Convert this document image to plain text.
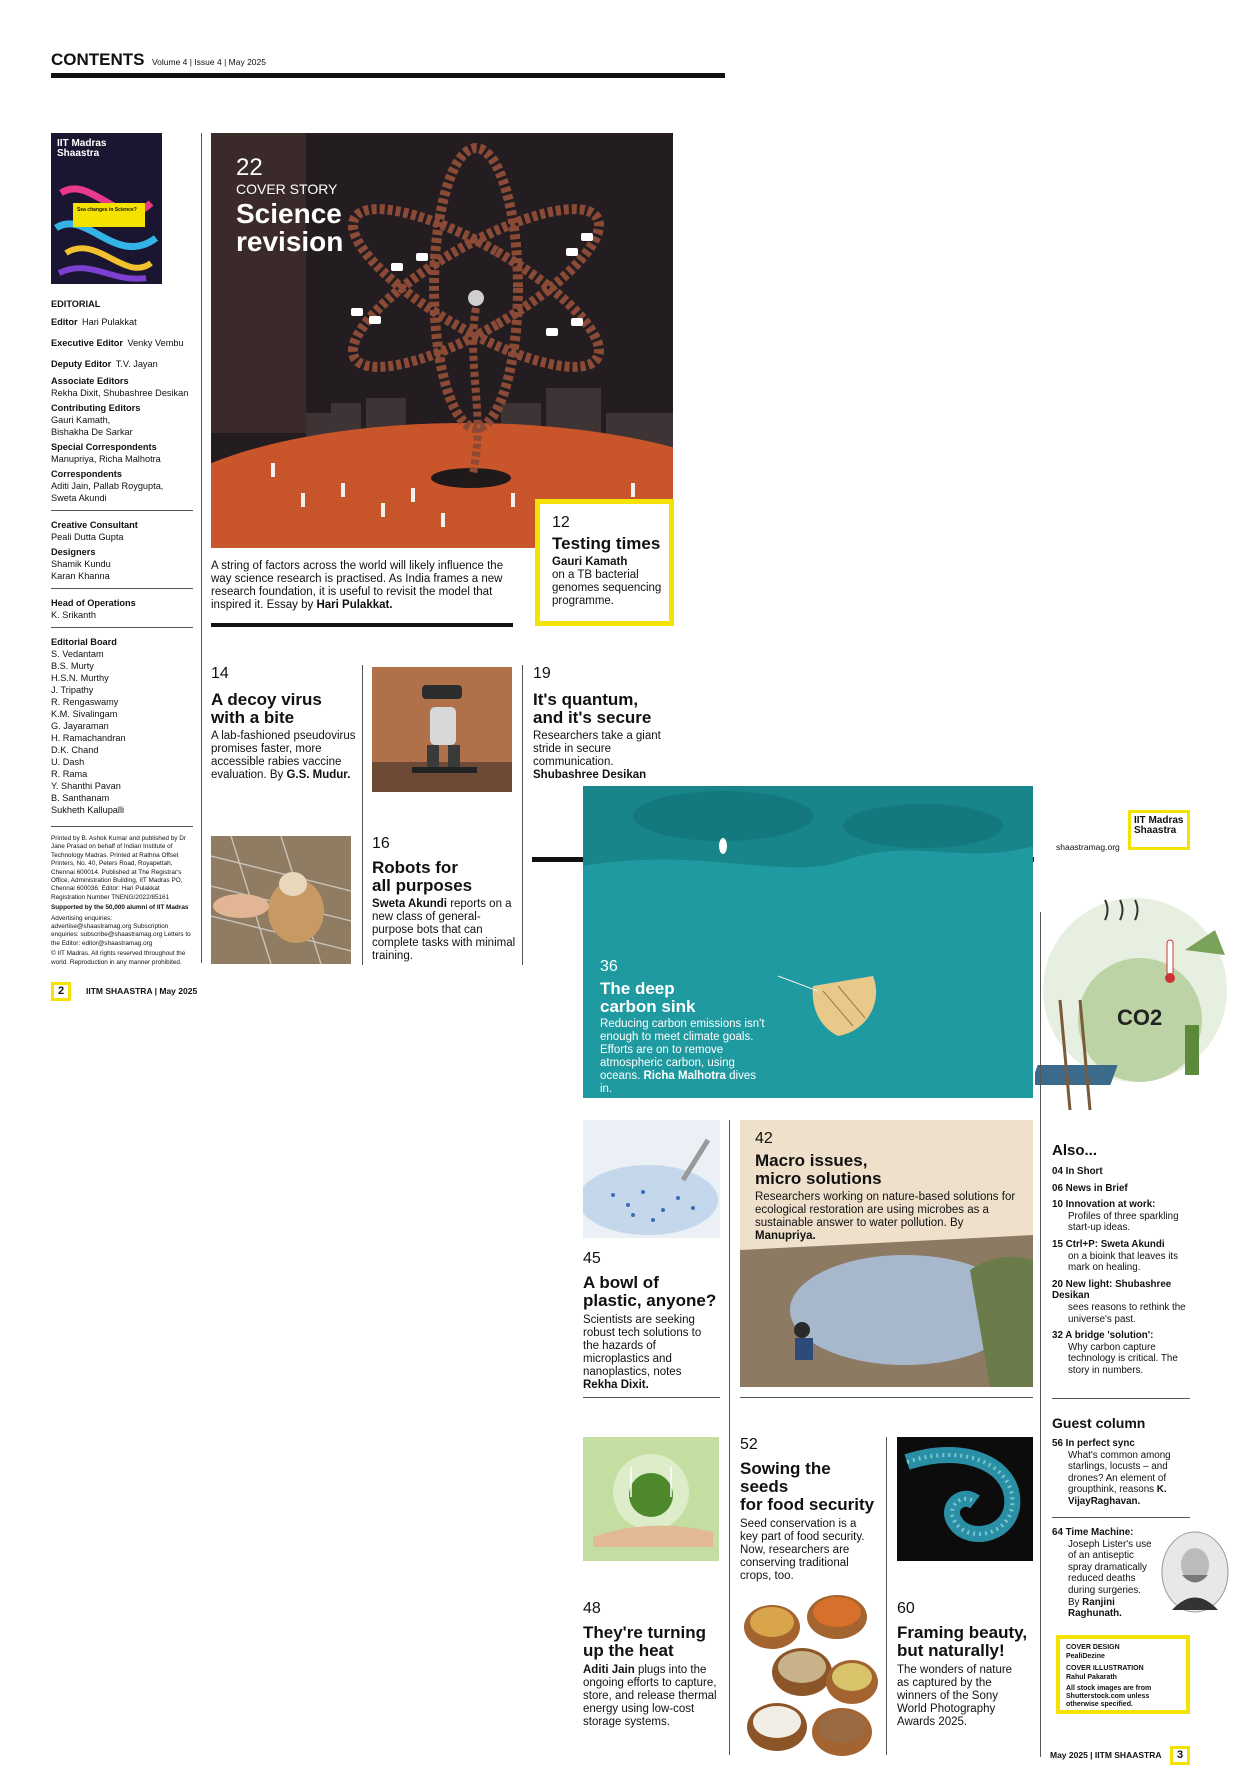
CONTENTS Volume 4 | Issue 4 | May 2025
IIT Madras Shaastra
Sea changes in Science?
EDITORIAL
Editor Hari Pulakkat
Executive Editor Venky Vembu
Deputy Editor T.V. Jayan
Associate Editors
Rekha Dixit, Shubashree Desikan
Contributing Editors
Gauri Kamath,
Bishakha De Sarkar
Special Correspondents
Manupriya, Richa Malhotra
Correspondents
Aditi Jain, Pallab Roygupta,
Sweta Akundi
Creative Consultant
Peali Dutta Gupta
Designers
Shamik Kundu
Karan Khanna
Head of Operations
K. Srikanth
Editorial Board
S. Vedantam
B.S. Murty
H.S.N. Murthy
J. Tripathy
R. Rengaswamy
K.M. Sivalingam
G. Jayaraman
H. Ramachandran
D.K. Chand
U. Dash
R. Rama
Y. Shanthi Pavan
B. Santhanam
Sukheth Kallupalli
Printed by B. Ashok Kumar and published by Dr Jane Prasad on behalf of Indian Institute of Technology Madras. Printed at Rathna Offset Printers, No. 40, Peters Road, Royapettah, Chennai 600014. Published at The Registrar's Office, Administration Building, IIT Madras PO, Chennai 600036. Editor: Hari Pulakkat Registration Number TNENG/2022/85161
Supported by the 50,000 alumni of IIT Madras
Advertising enquiries: advertise@shaastramag.org Subscription enquiries: subscribe@shaastramag.org Letters to the Editor: editor@shaastramag.org
© IIT Madras. All rights reserved throughout the world. Reproduction in any manner prohibited.
2	IITM SHAASTRA | May 2025
22
COVER STORY
Science
revision
A string of factors across the world will likely influence the way science research is practised. As India frames a new research foundation, it is useful to revisit the model that inspired it. Essay by Hari Pulakkat.
12
Testing times
Gauri Kamath
on a TB bacterial genomes sequencing programme.
14
A decoy virus
with a bite
A lab-fashioned pseudovirus promises faster, more accessible rabies vaccine evaluation. By G.S. Mudur.
16
Robots for
all purposes
Sweta Akundi reports on a new class of general-purpose bots that can complete tasks with minimal training.
19
It's quantum,
and it's secure
Researchers take a giant stride in secure communication.
Shubashree Desikan
shaastramag.org
IIT Madras Shaastra
36
The deep
carbon sink
Reducing carbon emissions isn't enough to meet climate goals. Efforts are on to remove atmospheric carbon, using oceans. Richa Malhotra dives in.
CO2
45
A bowl of
plastic, anyone?
Scientists are seeking robust tech solutions to the hazards of microplastics and nanoplastics, notes Rekha Dixit.
42
Macro issues,
micro solutions
Researchers working on nature-based solutions for ecological restoration are using microbes as a sustainable answer to water pollution. By Manupriya.
Also...
04 In Short
06 News in Brief
10 Innovation at work:
Profiles of three sparkling start-up ideas.
15 Ctrl+P: Sweta Akundi
on a bioink that leaves its mark on healing.
20 New light: Shubashree Desikan
sees reasons to rethink the universe's past.
32 A bridge 'solution':
Why carbon capture technology is critical. The story in numbers.
Guest column
56 In perfect sync
What's common among starlings, locusts – and drones? An element of groupthink, reasons K. VijayRaghavan.
64 Time Machine:
Joseph Lister's use of an antiseptic spray dramatically reduced deaths during surgeries. By Ranjini Raghunath.
COVER DESIGN
PealiDezine
COVER ILLUSTRATION
Rahul Pakarath
All stock images are from Shutterstock.com unless otherwise specified.
52
Sowing the seeds
for food security
Seed conservation is a key part of food security. Now, researchers are conserving traditional crops, too.
48
They're turning
up the heat
Aditi Jain plugs into the ongoing efforts to capture, store, and release thermal energy using low-cost storage systems.
60
Framing beauty,
but naturally!
The wonders of nature as captured by the winners of the Sony World Photography Awards 2025.
May 2025 | IITM SHAASTRA	3
